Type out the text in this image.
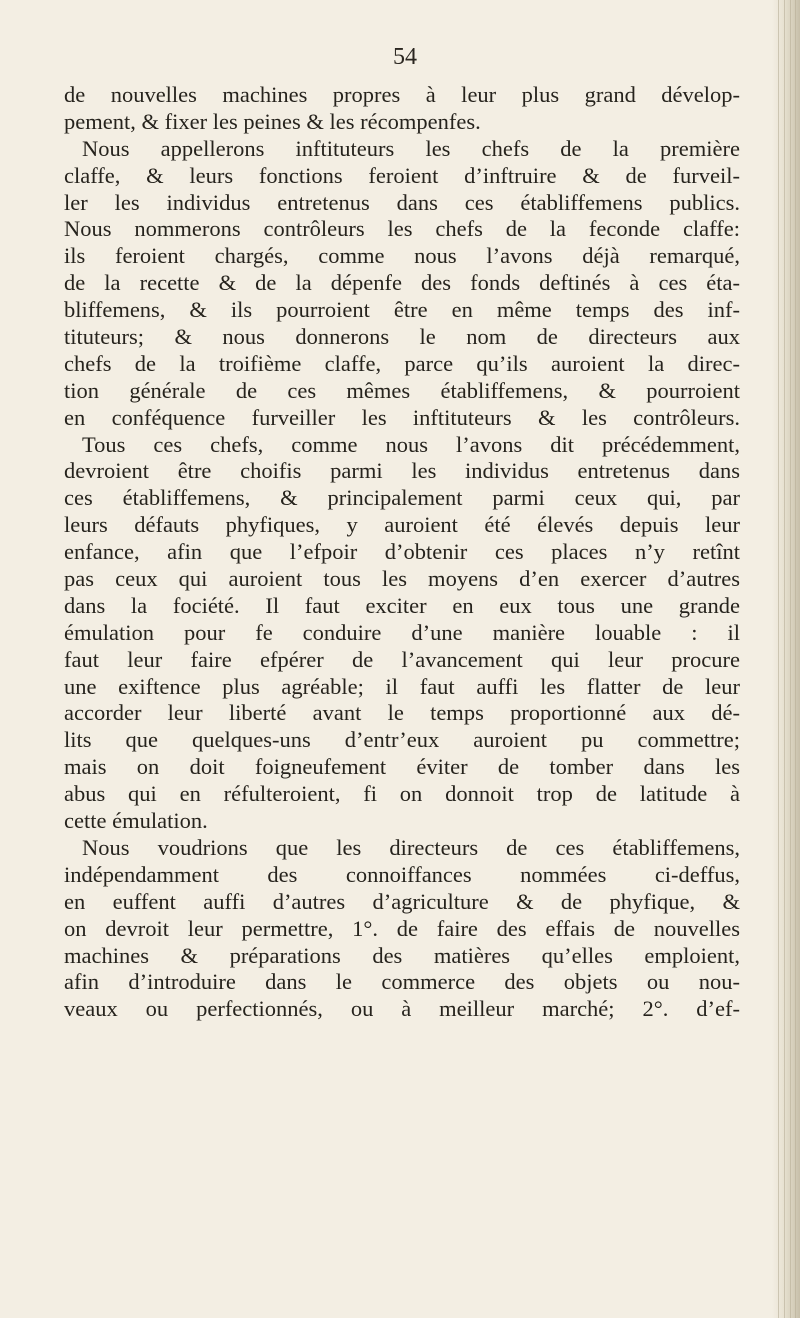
54
de nouvelles machines propres à leur plus grand dévelop-
pement, & fixer les peines & les récompenfes.
Nous appellerons inftituteurs les chefs de la première
claffe, & leurs fonctions feroient d’inftruire & de furveil-
ler les individus entretenus dans ces établiffemens publics.
Nous nommerons contrôleurs les chefs de la feconde claffe:
ils feroient chargés, comme nous l’avons déjà remarqué,
de la recette & de la dépenfe des fonds deftinés à ces éta-
bliffemens, & ils pourroient être en même temps des inf-
tituteurs; & nous donnerons le nom de directeurs aux
chefs de la troifième claffe, parce qu’ils auroient la direc-
tion générale de ces mêmes établiffemens, & pourroient
en conféquence furveiller les inftituteurs & les contrôleurs.
Tous ces chefs, comme nous l’avons dit précédemment,
devroient être choifis parmi les individus entretenus dans
ces établiffemens, & principalement parmi ceux qui, par
leurs défauts phyfiques, y auroient été élevés depuis leur
enfance, afin que l’efpoir d’obtenir ces places n’y retînt
pas ceux qui auroient tous les moyens d’en exercer d’autres
dans la fociété. Il faut exciter en eux tous une grande
émulation pour fe conduire d’une manière louable : il
faut leur faire efpérer de l’avancement qui leur procure
une exiftence plus agréable; il faut auffi les flatter de leur
accorder leur liberté avant le temps proportionné aux dé-
lits que quelques-uns d’entr’eux auroient pu commettre;
mais on doit foigneufement éviter de tomber dans les
abus qui en réfulteroient, fi on donnoit trop de latitude à
cette émulation.
Nous voudrions que les directeurs de ces établiffemens,
indépendamment des connoiffances nommées ci-deffus,
en euffent auffi d’autres d’agriculture & de phyfique, &
on devroit leur permettre, 1°. de faire des effais de nouvelles
machines & préparations des matières qu’elles emploient,
afin d’introduire dans le commerce des objets ou nou-
veaux ou perfectionnés, ou à meilleur marché; 2°. d’ef-
